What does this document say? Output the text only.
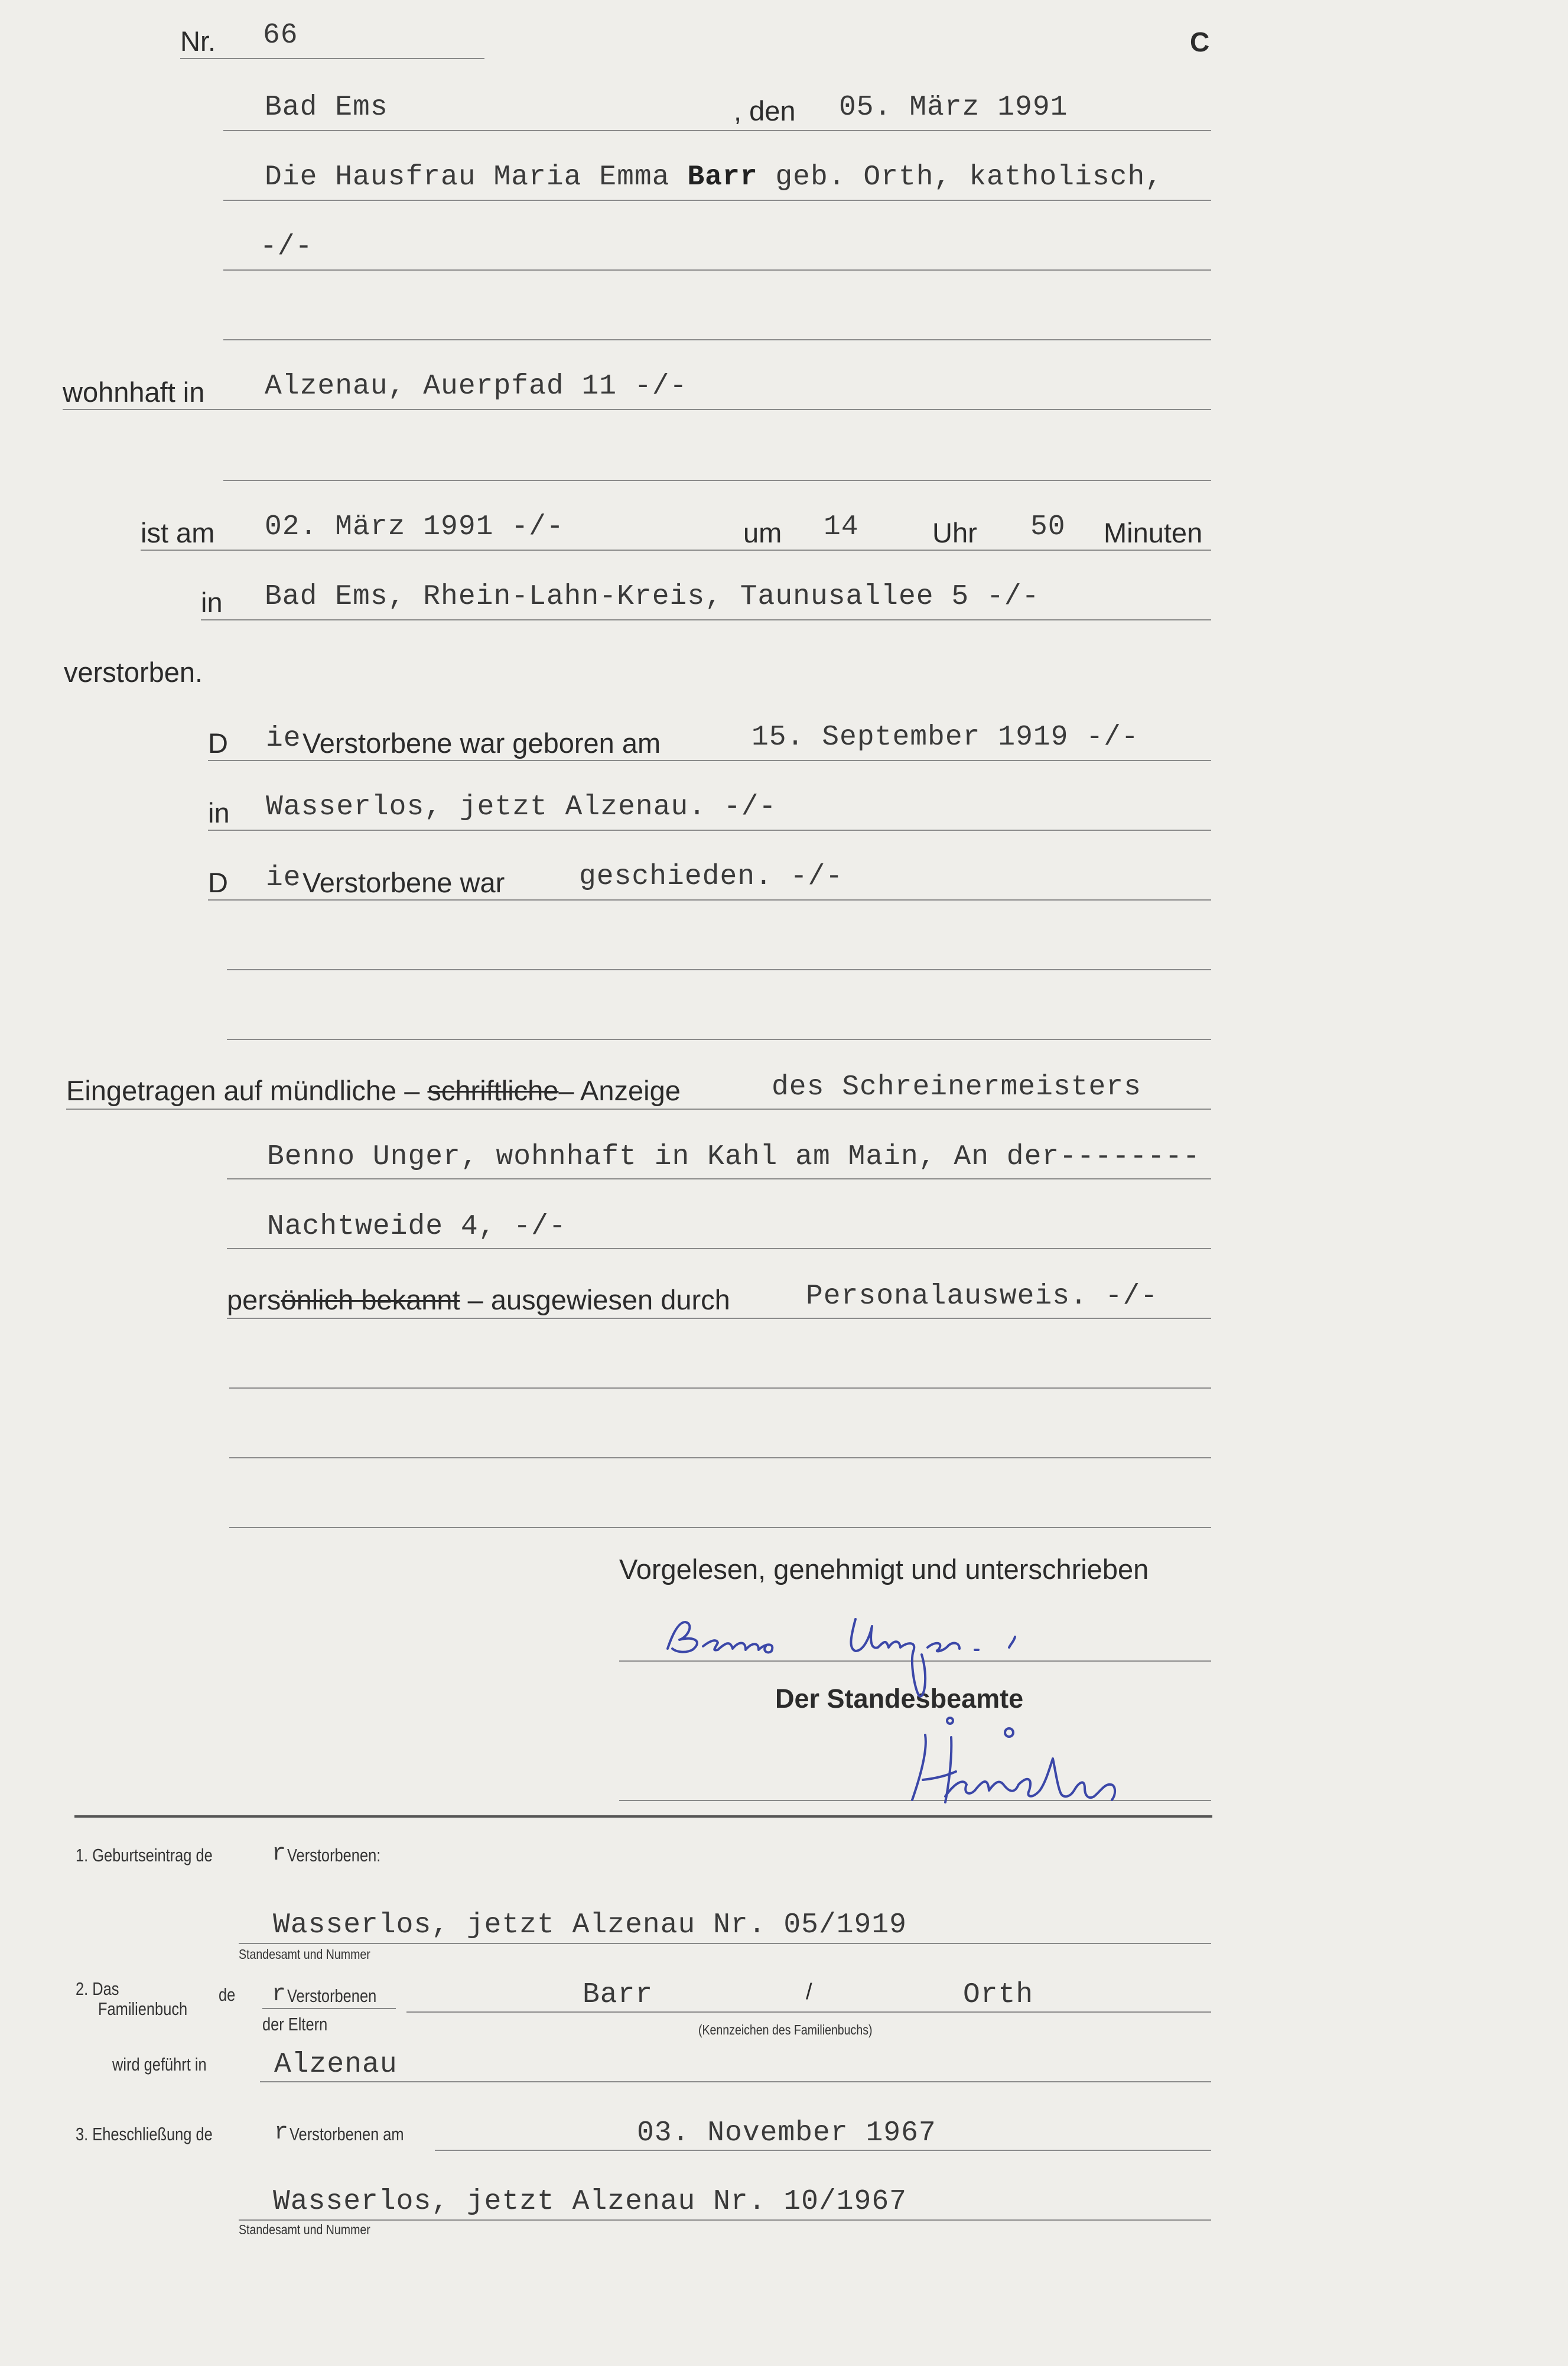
Nr. 66	C
Bad Ems	, den 05. März 1991
Die Hausfrau Maria Emma Barr geb. Orth, katholisch,
-/-
wohnhaft in Alzenau, Auerpfad 11 -/-
ist am 02. März 1991 -/-	um 14	Uhr 50 Minuten
in Bad Ems, Rhein-Lahn-Kreis, Taunusallee 5 -/-
verstorben.
D ie Verstorbene war geboren am	15. September 1919 -/-
in Wasserlos, jetzt Alzenau. -/-
D ie Verstorbene war	geschieden. -/-
Eingetragen auf mündliche – schriftliche– Anzeige	des Schreinermeisters
Benno Unger, wohnhaft in Kahl am Main, An der--------
Nachtweide 4, -/-
persönlich bekannt – ausgewiesen durch	Personalausweis. -/-
Vorgelesen, genehmigt und unterschrieben
Der Standesbeamte
1. Geburtseintrag de	r Verstorbenen:
Wasserlos, jetzt Alzenau Nr. 05/1919
Standesamt und Nummer
2. Das
Familienbuch
de r Verstorbenen
der Eltern
Barr	/	Orth
(Kennzeichen des Familienbuchs)
wird geführt in Alzenau
3. Eheschließung de	r Verstorbenen am	03. November 1967
Wasserlos, jetzt Alzenau Nr. 10/1967
Standesamt und Nummer
